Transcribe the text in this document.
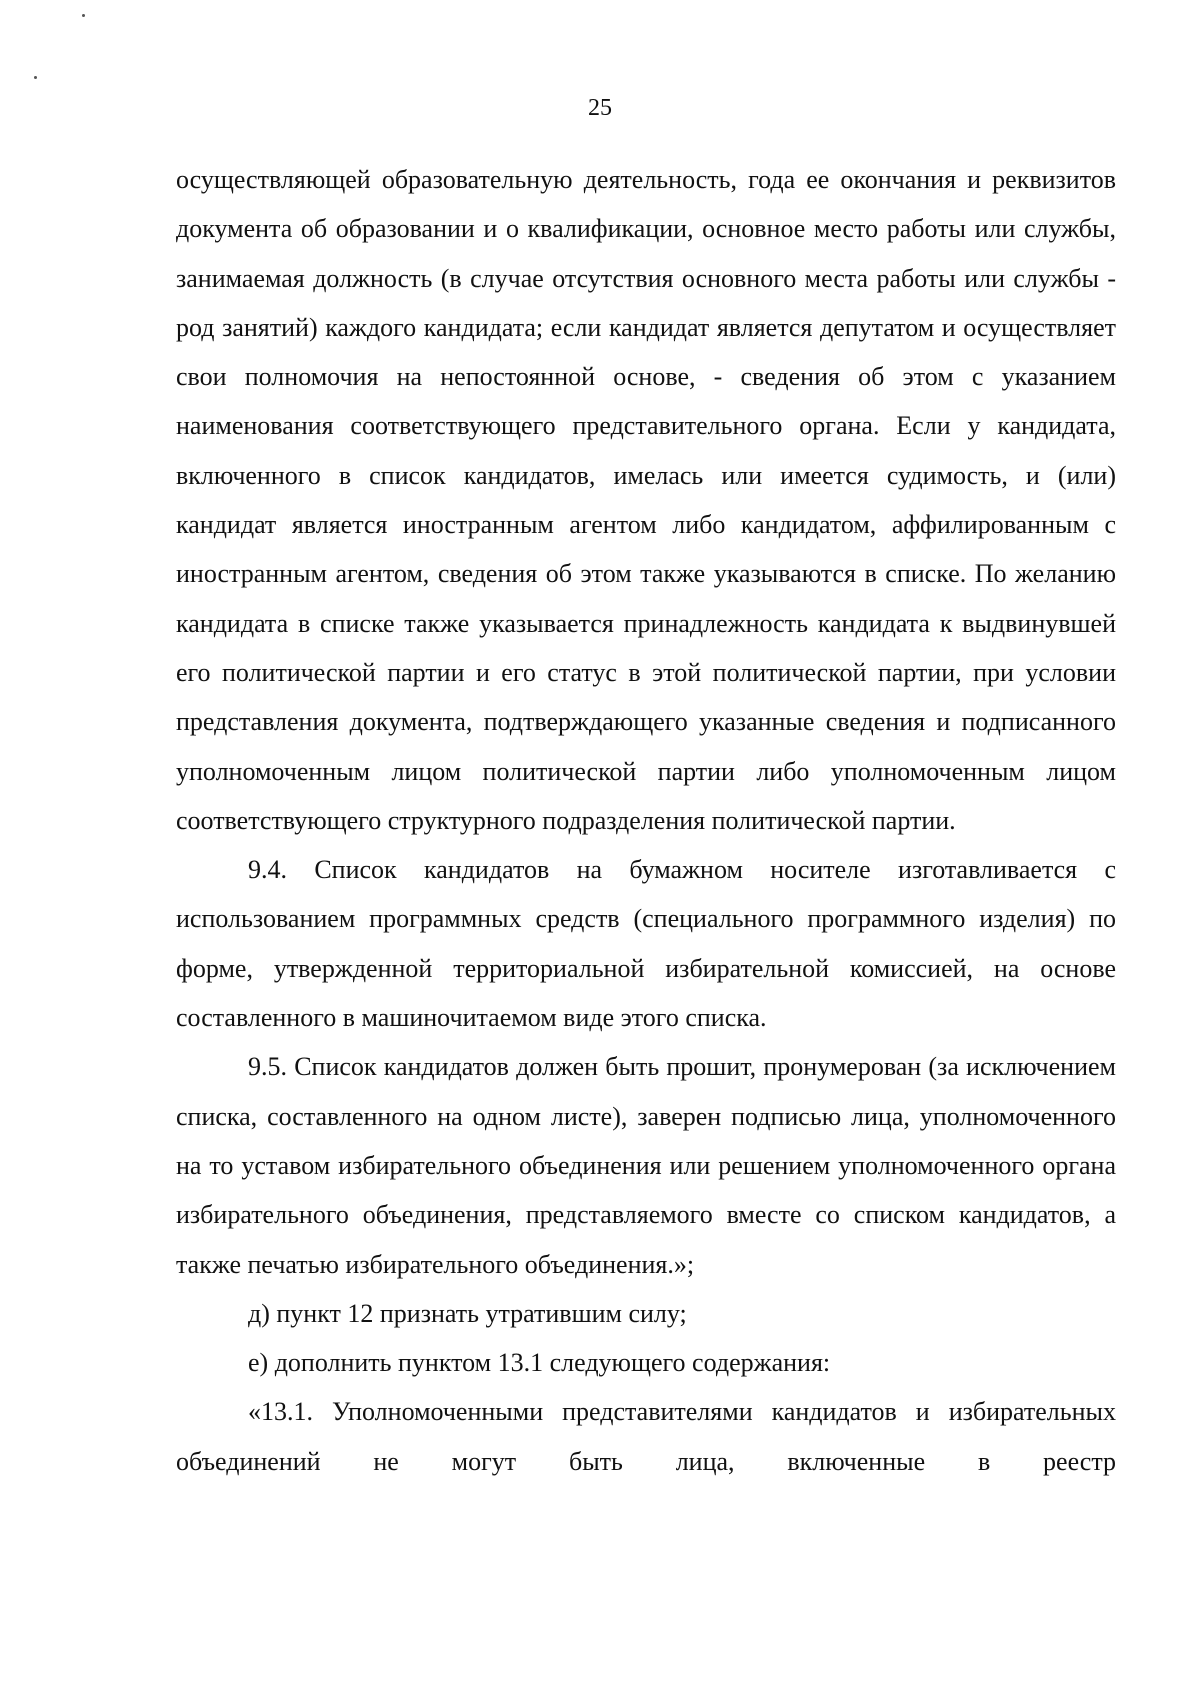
25

осуществляющей образовательную деятельность, года ее окончания и реквизитов документа об образовании и о квалификации, основное место работы или службы, занимаемая должность (в случае отсутствия основного места работы или службы - род занятий) каждого кандидата; если кандидат является депутатом и осуществляет свои полномочия на непостоянной основе, - сведения об этом с указанием наименования соответствующего представительного органа. Если у кандидата, включенного в список кандидатов, имелась или имеется судимость, и (или) кандидат является иностранным агентом либо кандидатом, аффилированным с иностранным агентом, сведения об этом также указываются в списке. По желанию кандидата в списке также указывается принадлежность кандидата к выдвинувшей его политической партии и его статус в этой политической партии, при условии представления документа, подтверждающего указанные сведения и подписанного уполномоченным лицом политической партии либо уполномоченным лицом соответствующего структурного подразделения политической партии.

9.4. Список кандидатов на бумажном носителе изготавливается с использованием программных средств (специального программного изделия) по форме, утвержденной территориальной избирательной комиссией, на основе составленного в машиночитаемом виде этого списка.

9.5. Список кандидатов должен быть прошит, пронумерован (за исключением списка, составленного на одном листе), заверен подписью лица, уполномоченного на то уставом избирательного объединения или решением уполномоченного органа избирательного объединения, представляемого вместе со списком кандидатов, а также печатью избирательного объединения.»;

д) пункт 12 признать утратившим силу;

е) дополнить пунктом 13.1 следующего содержания:

«13.1. Уполномоченными представителями кандидатов и избирательных объединений не могут быть лица, включенные в реестр
